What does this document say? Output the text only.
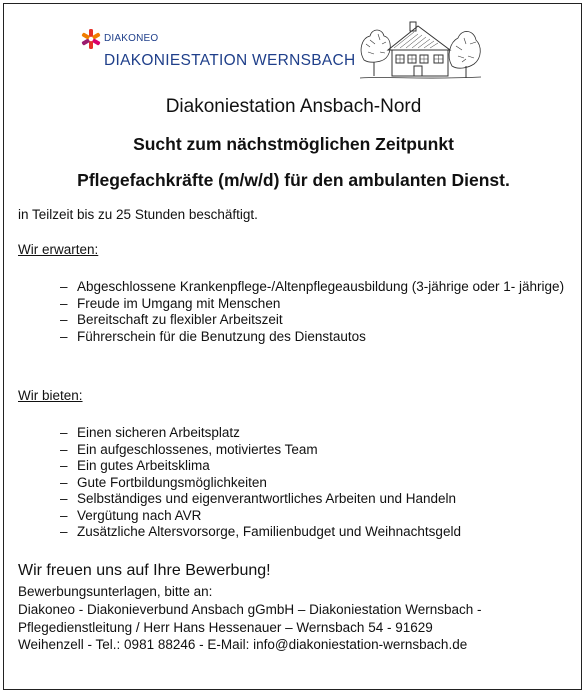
DIAKONEO
DIAKONIESTATION WERNSBACH
Diakoniestation Ansbach-Nord
Sucht zum nächstmöglichen Zeitpunkt
Pflegefachkräfte (m/w/d) für den ambulanten Dienst.
in Teilzeit bis zu 25 Stunden beschäftigt.
Wir erwarten:
– Abgeschlossene Krankenpflege-/Altenpflegeausbildung (3-jährige oder 1- jährige)
– Freude im Umgang mit Menschen
– Bereitschaft zu flexibler Arbeitszeit
– Führerschein für die Benutzung des Dienstautos
Wir bieten:
– Einen sicheren Arbeitsplatz
– Ein aufgeschlossenes, motiviertes Team
– Ein gutes Arbeitsklima
– Gute Fortbildungsmöglichkeiten
– Selbständiges und eigenverantwortliches Arbeiten und Handeln
– Vergütung nach AVR
– Zusätzliche Altersvorsorge, Familienbudget und Weihnachtsgeld
Wir freuen uns auf Ihre Bewerbung!
Bewerbungsunterlagen, bitte an:
Diakoneo - Diakonieverbund Ansbach gGmbH – Diakoniestation Wernsbach -
Pflegedienstleitung / Herr Hans Hessenauer – Wernsbach 54 - 91629
Weihenzell - Tel.: 0981 88246 - E-Mail: info@diakoniestation-wernsbach.de
